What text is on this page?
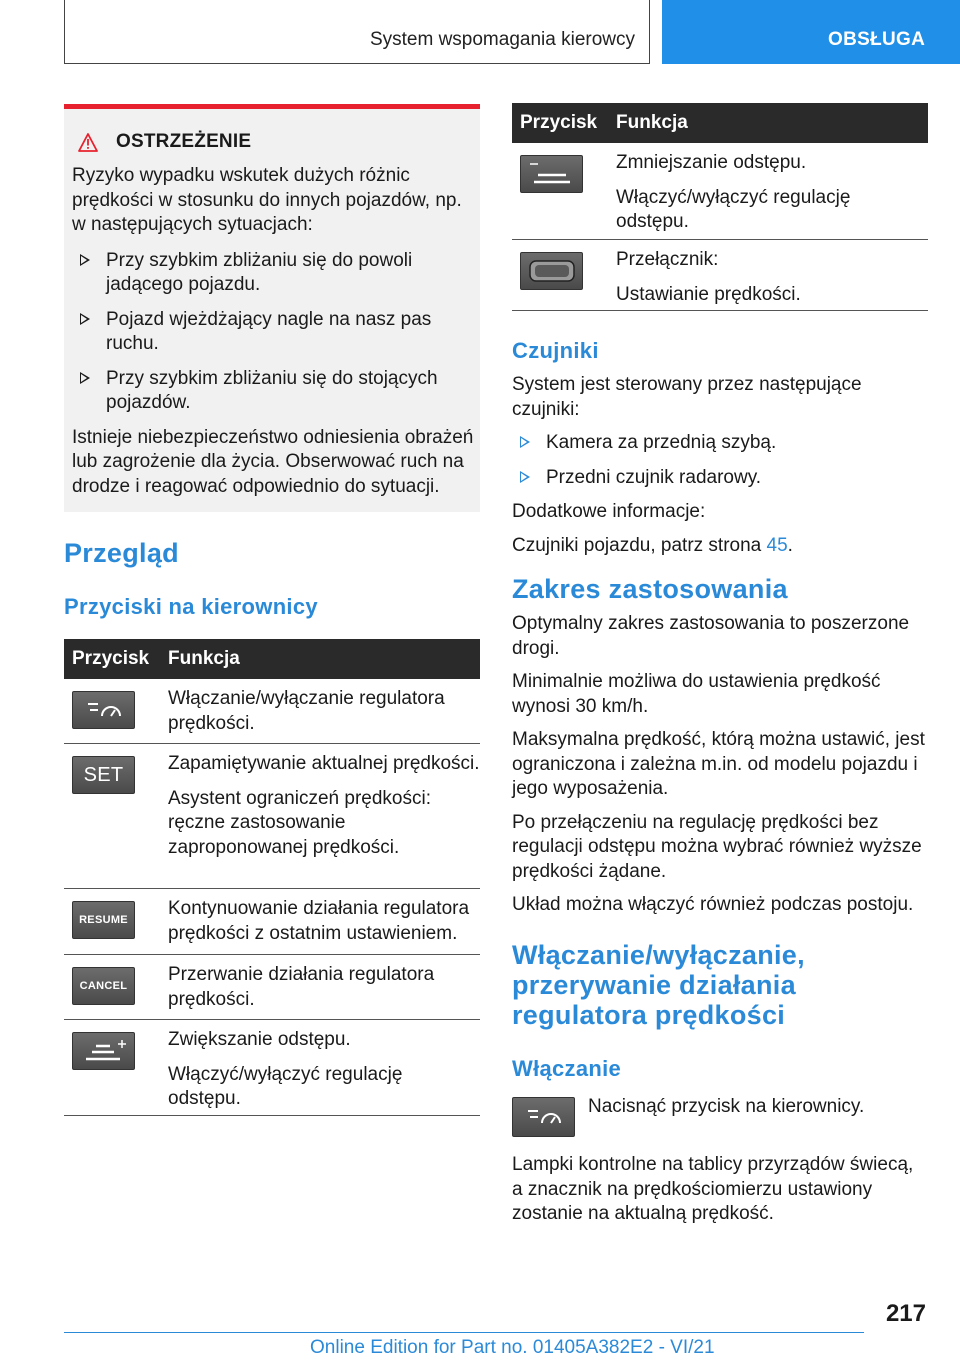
System wspomagania kierowcy	OBSŁUGA
OSTRZEŻENIE

Ryzyko wypadku wskutek dużych różnic prędkości w stosunku do innych pojazdów, np. w następujących sytuacjach:

Przy szybkim zbliżaniu się do powoli jadącego pojazdu.
Pojazd wjeżdżający nagle na nasz pas ruchu.
Przy szybkim zbliżaniu się do stojących pojazdów.

Istnieje niebezpieczeństwo odniesienia obrażeń lub zagrożenie dla życia. Obserwować ruch na drodze i reagować odpowiednio do sytuacji.

Przegląd
Przyciski na kierownicy
Przycisk Funkcja

Włączanie/wyłączanie regulatora prędkości.

SET

Zapamiętywanie aktualnej prędkości.

Asystent ograniczeń prędkości: ręczne zastosowanie zaproponowanej prędkości.

RESUME

Kontynuowanie działania regulatora prędkości z ostatnim ustawieniem.

CANCEL

Przerwanie działania regulatora prędkości.

Zwiększanie odstępu.

Włączyć/wyłączyć regulację odstępu.

Przycisk Funkcja

Zmniejszanie odstępu.

Włączyć/wyłączyć regulację odstępu.

Przełącznik:

Ustawianie prędkości.

Czujniki

System jest sterowany przez następujące czujniki:

Kamera za przednią szybą.
Przedni czujnik radarowy.

Dodatkowe informacje:

Czujniki pojazdu, patrz strona 45.

Zakres zastosowania

Optymalny zakres zastosowania to poszerzone drogi.

Minimalnie możliwa do ustawienia prędkość wynosi 30 km/h.

Maksymalna prędkość, którą można ustawić, jest ograniczona i zależna m.in. od modelu pojazdu i jego wyposażenia.

Po przełączeniu na regulację prędkości bez regulacji odstępu można wybrać również wyższe prędkości żądane.

Układ można włączyć również podczas postoju.

Włączanie/wyłączanie, przerywanie działania regulatora prędkości
Włączanie
Nacisnąć przycisk na kierownicy.
Lampki kontrolne na tablicy przyrządów świecą, a znacznik na prędkościomierzu ustawiony zostanie na aktualną prędkość.
217
Online Edition for Part no. 01405A382E2 - VI/21
